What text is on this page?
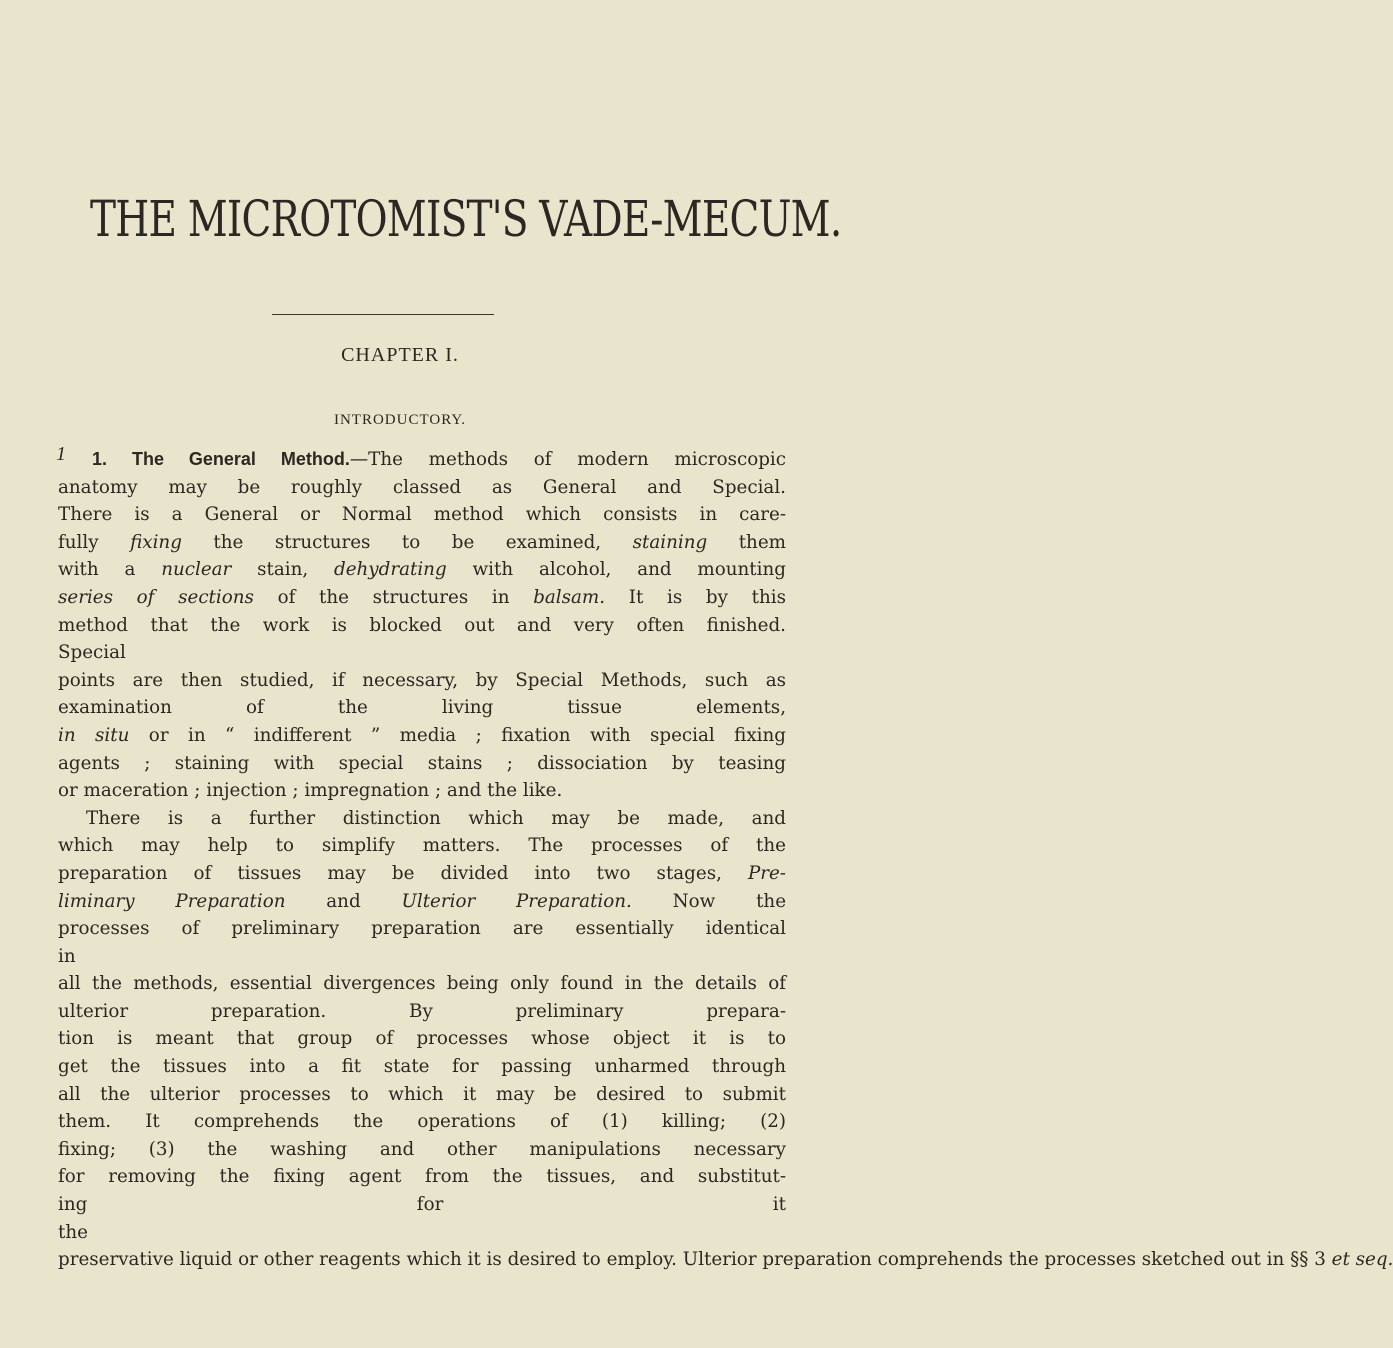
THE MICROTOMIST'S VADE-MECUM.
CHAPTER I.
INTRODUCTORY.
1	1. The General Method.—The methods of modern microscopic
anatomy may be roughly classed as General and Special.
There is a General or Normal method which consists in care-
fully fixing the structures to be examined, staining them
with a nuclear stain, dehydrating with alcohol, and mounting
series of sections of the structures in balsam. It is by this
method that the work is blocked out and very often finished.
Special
points are then studied, if necessary, by Special Methods, such as examination of the living tissue elements,
in situ or in “ indifferent ” media ; fixation with special fixing
agents ; staining with special stains ; dissociation by teasing
or maceration ; injection ; impregnation ; and the like.
There is a further distinction which may be made, and
which may help to simplify matters. The processes of the
preparation of tissues may be divided into two stages, Pre-
liminary Preparation and Ulterior Preparation. Now the
processes of preliminary preparation are essentially identical
in
all the methods, essential divergences being only found in the details of ulterior preparation. By preliminary prepara-
tion is meant that group of processes whose object it is to
get the tissues into a fit state for passing unharmed through
all the ulterior processes to which it may be desired to submit
them. It comprehends the operations of (1) killing; (2)
fixing; (3) the washing and other manipulations necessary
for removing the fixing agent from the tissues, and substitut-
ing for it
the
preservative liquid or other reagents which it is desired to employ. Ulterior preparation comprehends the processes sketched out in §§ 3 et seq.
